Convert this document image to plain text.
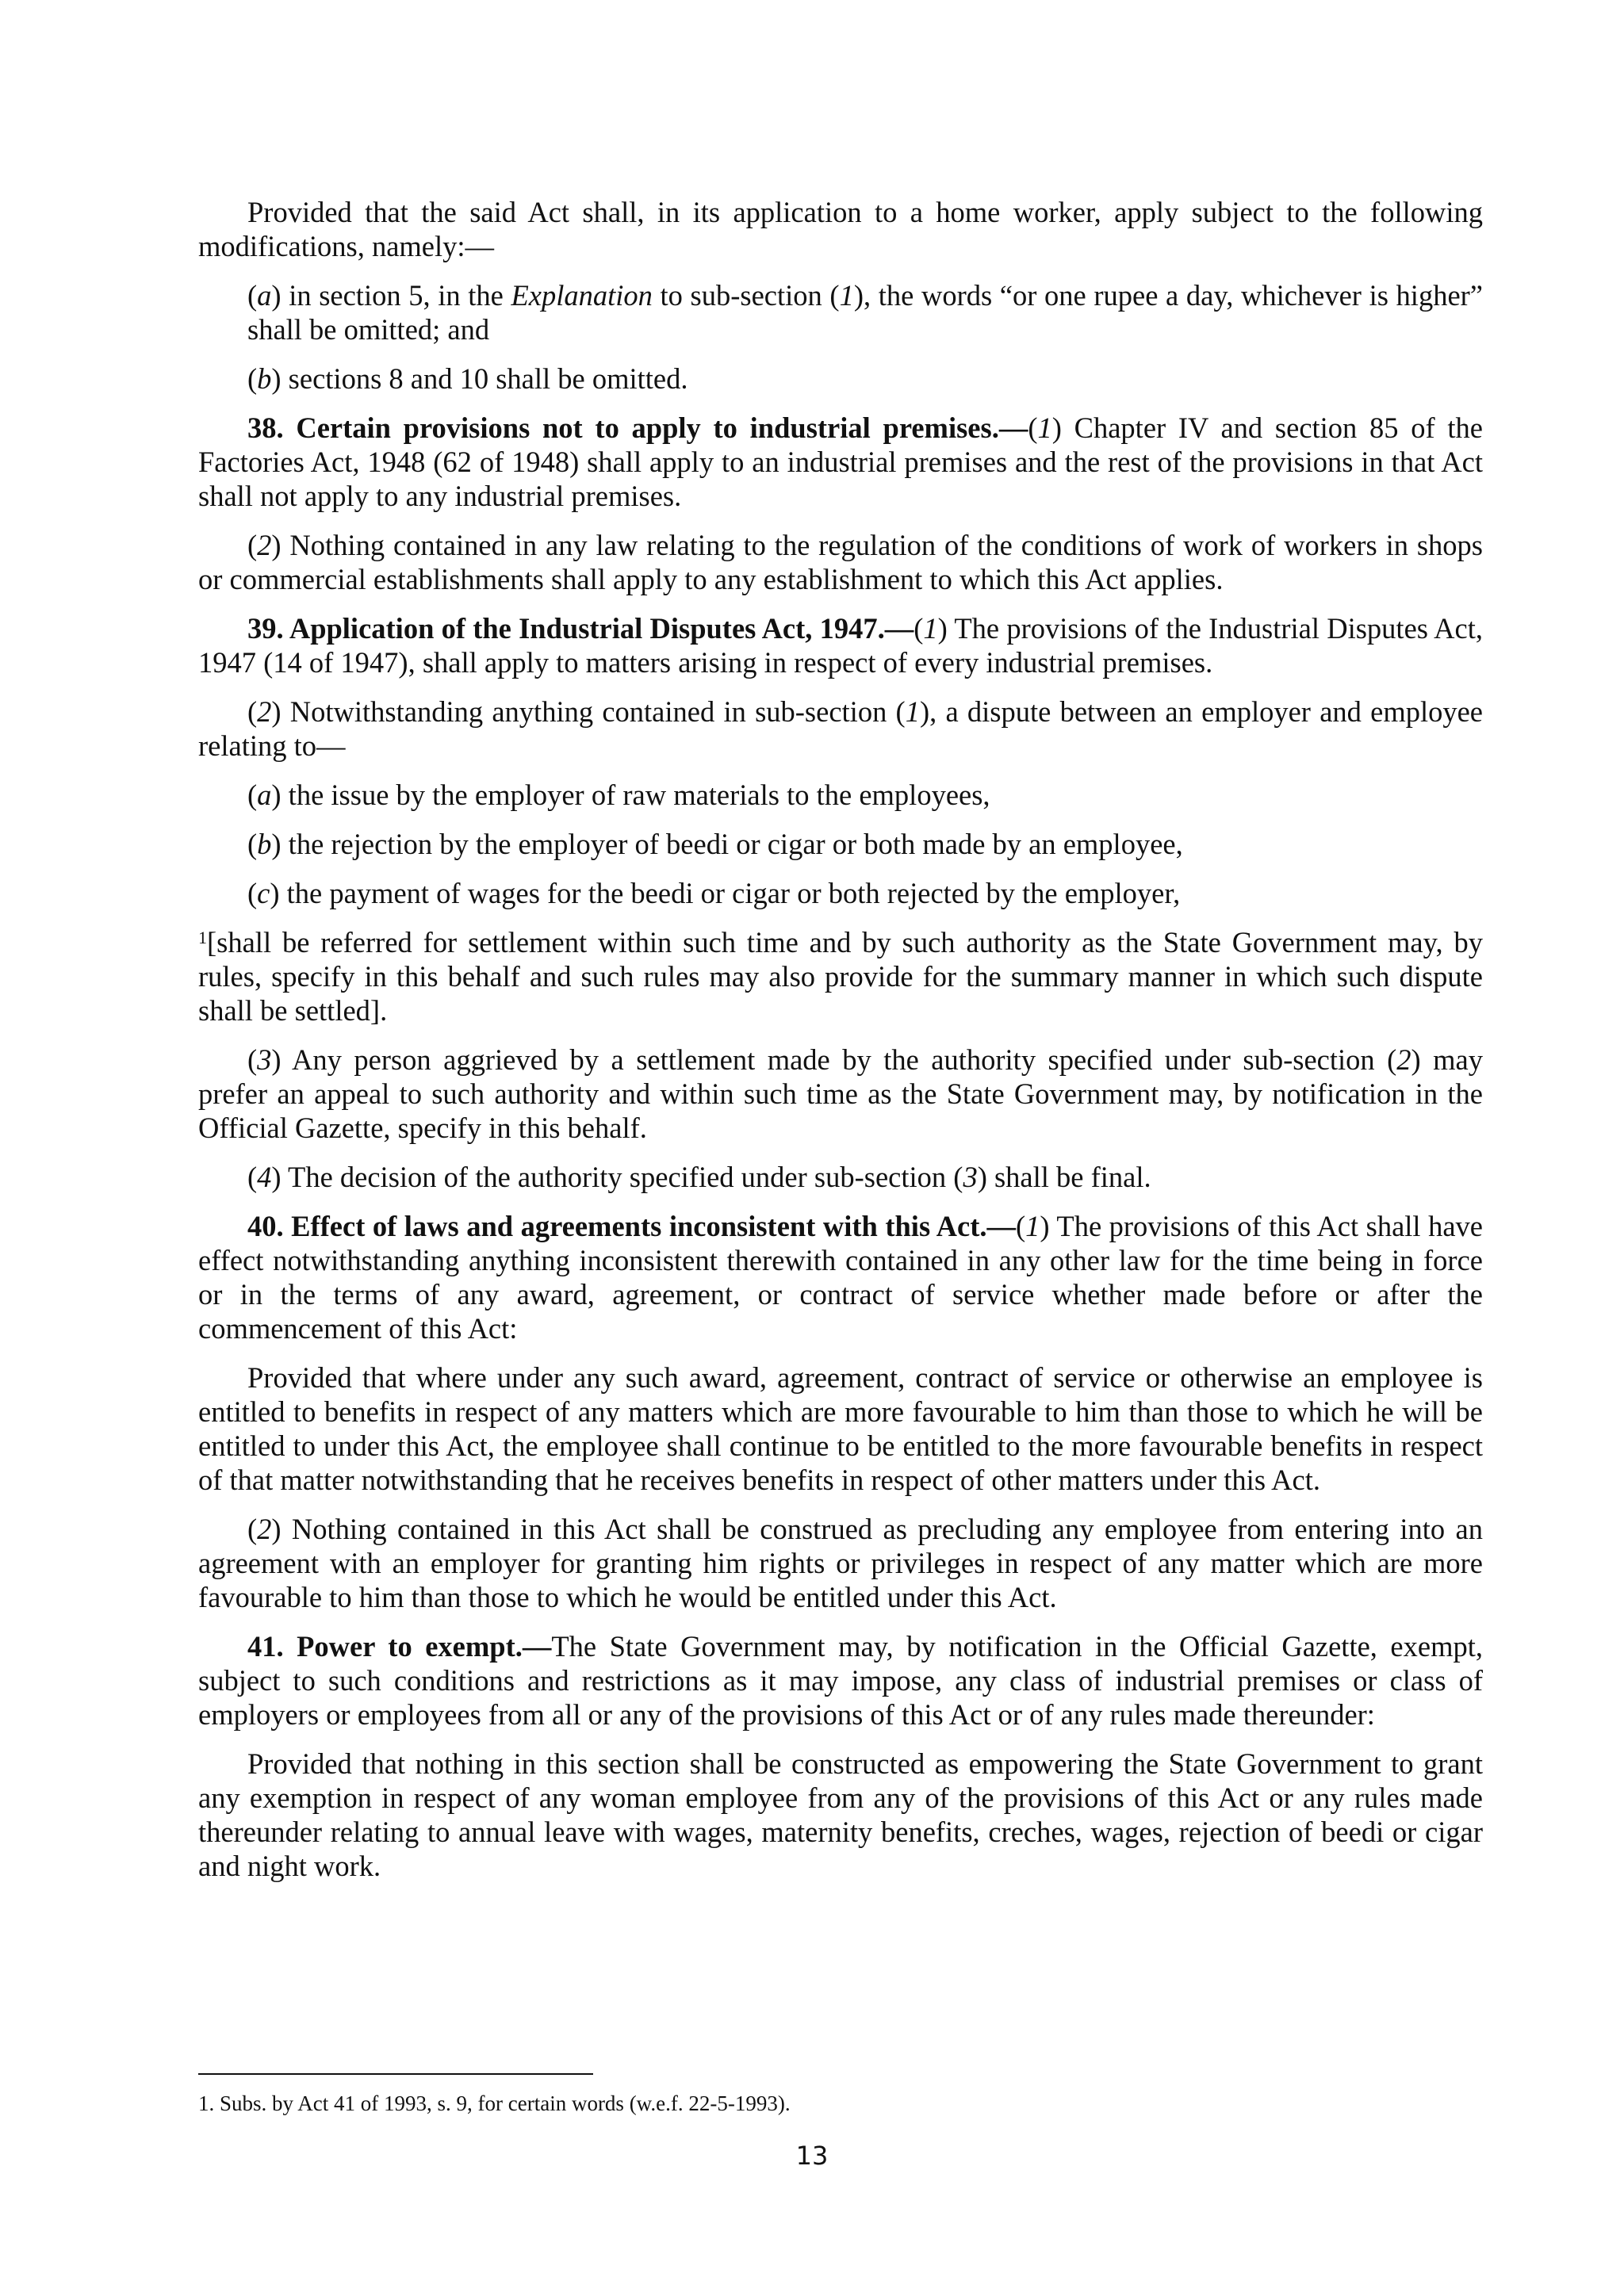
Provided that the said Act shall, in its application to a home worker, apply subject to the following modifications, namely:—

(a) in section 5, in the Explanation to sub-section (1), the words “or one rupee a day, whichever is higher” shall be omitted; and

(b) sections 8 and 10 shall be omitted.

38. Certain provisions not to apply to industrial premises.—(1) Chapter IV and section 85 of the Factories Act, 1948 (62 of 1948) shall apply to an industrial premises and the rest of the provisions in that Act shall not apply to any industrial premises.

(2) Nothing contained in any law relating to the regulation of the conditions of work of workers in shops or commercial establishments shall apply to any establishment to which this Act applies.

39. Application of the Industrial Disputes Act, 1947.—(1) The provisions of the Industrial Disputes Act, 1947 (14 of 1947), shall apply to matters arising in respect of every industrial premises.

(2) Notwithstanding anything contained in sub-section (1), a dispute between an employer and employee relating to—

(a) the issue by the employer of raw materials to the employees,

(b) the rejection by the employer of beedi or cigar or both made by an employee,

(c) the payment of wages for the beedi or cigar or both rejected by the employer,

$^1$[shall be referred for settlement within such time and by such authority as the State Government may, by rules, specify in this behalf and such rules may also provide for the summary manner in which such dispute shall be settled].

(3) Any person aggrieved by a settlement made by the authority specified under sub-section (2) may prefer an appeal to such authority and within such time as the State Government may, by notification in the Official Gazette, specify in this behalf.

(4) The decision of the authority specified under sub-section (3) shall be final.

40. Effect of laws and agreements inconsistent with this Act.—(1) The provisions of this Act shall have effect notwithstanding anything inconsistent therewith contained in any other law for the time being in force or in the terms of any award, agreement, or contract of service whether made before or after the commencement of this Act:

Provided that where under any such award, agreement, contract of service or otherwise an employee is entitled to benefits in respect of any matters which are more favourable to him than those to which he will be entitled to under this Act, the employee shall continue to be entitled to the more favourable benefits in respect of that matter notwithstanding that he receives benefits in respect of other matters under this Act.

(2) Nothing contained in this Act shall be construed as precluding any employee from entering into an agreement with an employer for granting him rights or privileges in respect of any matter which are more favourable to him than those to which he would be entitled under this Act.

41. Power to exempt.—The State Government may, by notification in the Official Gazette, exempt, subject to such conditions and restrictions as it may impose, any class of industrial premises or class of employers or employees from all or any of the provisions of this Act or of any rules made thereunder:

Provided that nothing in this section shall be constructed as empowering the State Government to grant any exemption in respect of any woman employee from any of the provisions of this Act or any rules made thereunder relating to annual leave with wages, maternity benefits, creches, wages, rejection of beedi or cigar and night work.

1. Subs. by Act 41 of 1993, s. 9, for certain words (w.e.f. 22-5-1993).
13
